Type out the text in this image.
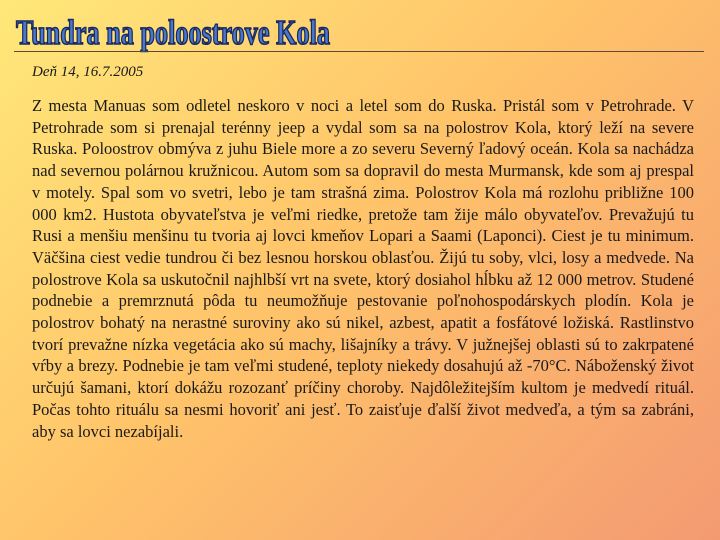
Tundra na poloostrove Kola
Deň 14, 16.7.2005
Z mesta Manuas som odletel neskoro v noci a letel som do Ruska. Pristál som v Petrohrade. V Petrohrade som si prenajal terénny jeep a vydal som sa na polostrov Kola, ktorý leží na severe Ruska. Poloostrov obmýva z juhu Biele more a zo severu Severný ľadový oceán. Kola sa nachádza nad severnou polárnou kružnicou. Autom som sa dopravil do mesta Murmansk, kde som aj prespal v motely. Spal som vo svetri, lebo je tam strašná zima. Polostrov Kola má rozlohu približne 100 000 km2. Hustota obyvateľstva je veľmi riedke, pretože tam žije málo obyvateľov. Prevažujú tu Rusi a menšiu menšinu tu tvoria aj lovci kmeňov Lopari a Saami (Laponci). Ciest je tu minimum. Väčšina ciest vedie tundrou či bez lesnou horskou oblasťou. Žijú tu soby, vlci, losy a medvede. Na polostrove Kola sa uskutočnil najhlbší vrt na svete, ktorý dosiahol hĺbku až 12 000 metrov. Studené podnebie a premrznutá pôda tu neumožňuje pestovanie poľnohospodárskych plodín. Kola je polostrov bohatý na nerastné suroviny ako sú nikel, azbest, apatit a fosfátové ložiská. Rastlinstvo tvorí prevažne nízka vegetácia ako sú machy, lišajníky a trávy. V južnejšej oblasti sú to zakrpatené vŕby a brezy. Podnebie je tam veľmi studené, teploty niekedy dosahujú až -70°C. Náboženský život určujú šamani, ktorí dokážu rozozanť príčiny choroby. Najdôležitejším kultom je medvedí rituál. Počas tohto rituálu sa nesmi hovoriť ani jesť. To zaisťuje ďalší život medveďa, a tým sa zabráni, aby sa lovci nezabíjali.
